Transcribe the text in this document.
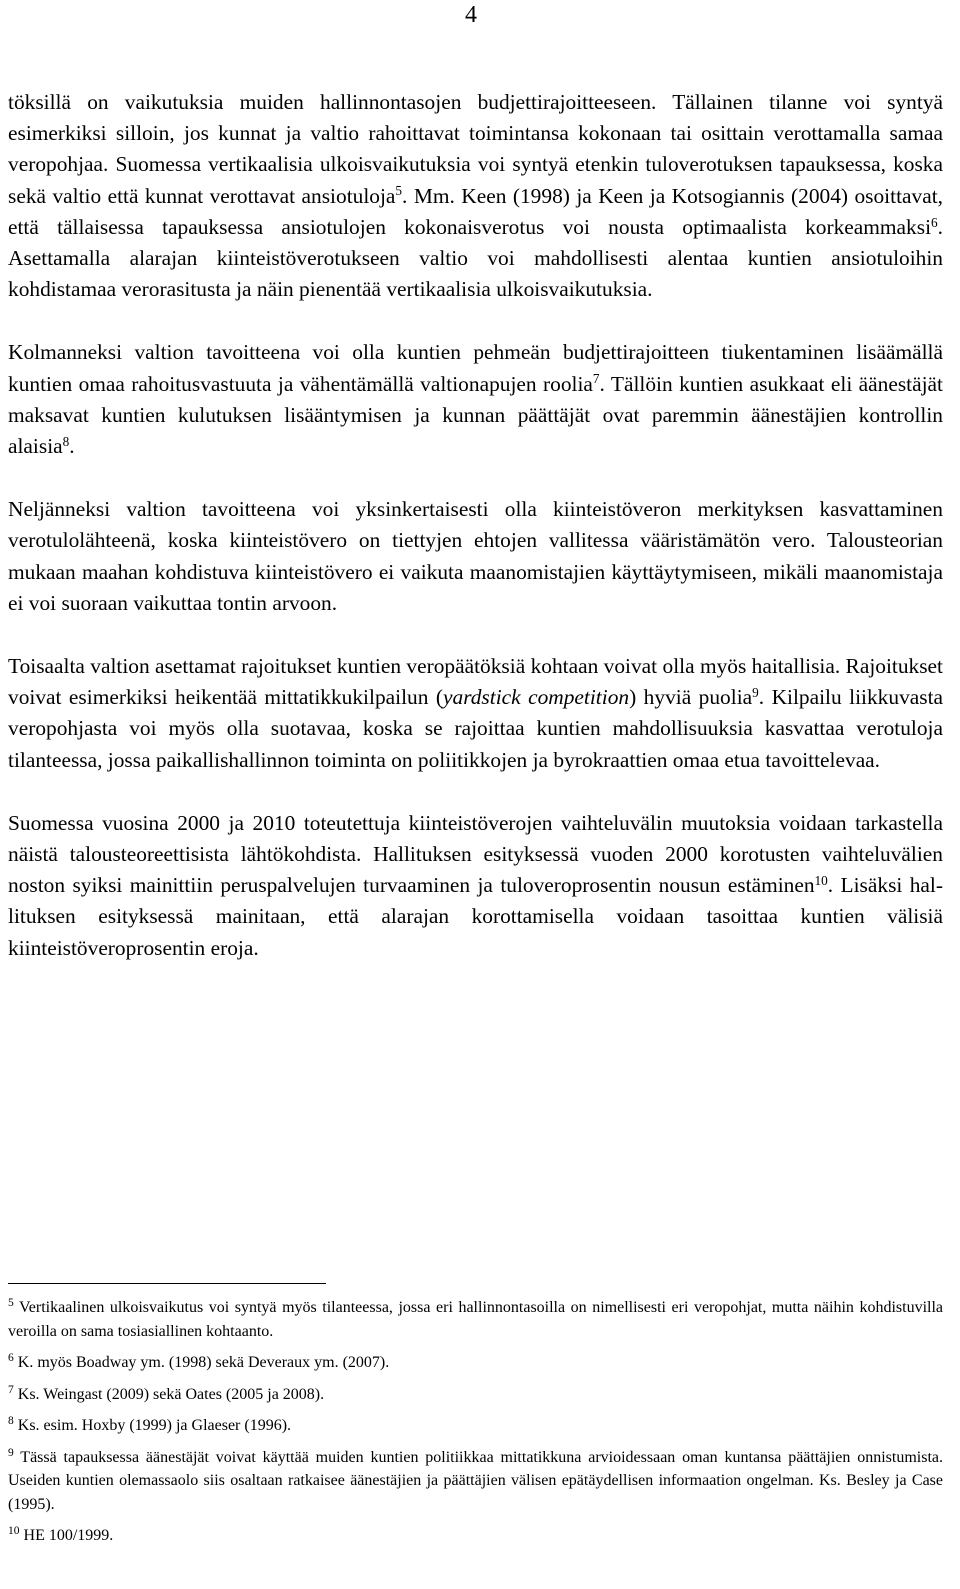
4

töksillä on vaikutuksia muiden hallinnontasojen budjettirajoitteeseen. Tällainen tilanne voi syntyä esimerkiksi silloin, jos kunnat ja valtio rahoittavat toimintansa kokonaan tai osittain verottamalla samaa veropohjaa. Suomessa vertikaalisia ulkoisvaikutuksia voi syntyä etenkin tuloverotuksen tapauksessa, koska sekä valtio että kunnat verottavat ansiotuloja$^5$. Mm. Keen (1998) ja Keen ja Kotsogiannis (2004) osoittavat, että tällaisessa tapauksessa ansiotulojen kokonaisverotus voi nousta optimaalista korkeammaksi$^6$. Asettamalla alarajan kiinteistöverotukseen valtio voi mahdollisesti alentaa kuntien ansiotuloihin kohdistamaa verorasitusta ja näin pienentää vertikaalisia ulkoisvaikutuksia.

Kolmanneksi valtion tavoitteena voi olla kuntien pehmeän budjettirajoitteen tiukentaminen lisäämällä kuntien omaa rahoitusvastuuta ja vähentämällä valtionapujen roolia$^7$. Tällöin kuntien asukkaat eli äänestäjät maksavat kuntien kulutuksen lisääntymisen ja kunnan päättäjät ovat paremmin äänestäjien kontrollin alaisia$^8$.

Neljänneksi valtion tavoitteena voi yksinkertaisesti olla kiinteistöveron merkityksen kasvattaminen verotulolähteenä, koska kiinteistövero on tiettyjen ehtojen vallitessa vääristämätön vero. Talousteorian mukaan maahan kohdistuva kiinteistövero ei vaikuta maanomistajien käyttäytymiseen, mikäli maanomistaja ei voi suoraan vaikuttaa tontin arvoon.

Toisaalta valtion asettamat rajoitukset kuntien veropäätöksiä kohtaan voivat olla myös haitallisia. Rajoitukset voivat esimerkiksi heikentää mittatikkukilpailun (yardstick competition) hyviä puolia$^9$. Kilpailu liikkuvasta veropohjasta voi myös olla suotavaa, koska se rajoittaa kuntien mahdollisuuksia kasvattaa verotuloja tilanteessa, jossa paikallishallinnon toiminta on poliitikkojen ja byrokraattien omaa etua tavoittelevaa.

Suomessa vuosina 2000 ja 2010 toteutettuja kiinteistöverojen vaihteluvälin muutoksia voidaan tarkastella näistä talousteoreettisista lähtökohdista. Hallituksen esityksessä vuoden 2000 korotusten vaihteluvälien noston syiksi mainittiin peruspalvelujen turvaaminen ja tuloveroprosentin nousun estäminen$^{10}$. Lisäksi hallituksen esityksessä mainitaan, että alarajan korottamisella voidaan tasoittaa kuntien välisiä kiinteistöveroprosentin eroja.

$^5$ Vertikaalinen ulkoisvaikutus voi syntyä myös tilanteessa, jossa eri hallinnontasoilla on nimellisesti eri veropohjat, mutta näihin kohdistuvilla veroilla on sama tosiasiallinen kohtaanto.

$^6$ K. myös Boadway ym. (1998) sekä Deveraux ym. (2007).

$^7$ Ks. Weingast (2009) sekä Oates (2005 ja 2008).

$^8$ Ks. esim. Hoxby (1999) ja Glaeser (1996).

$^9$ Tässä tapauksessa äänestäjät voivat käyttää muiden kuntien politiikkaa mittatikkuna arvioidessaan oman kuntansa päättäjien onnistumista. Useiden kuntien olemassaolo siis osaltaan ratkaisee äänestäjien ja päättäjien välisen epätäydellisen informaation ongelman. Ks. Besley ja Case (1995).

$^{10}$ HE 100/1999.
